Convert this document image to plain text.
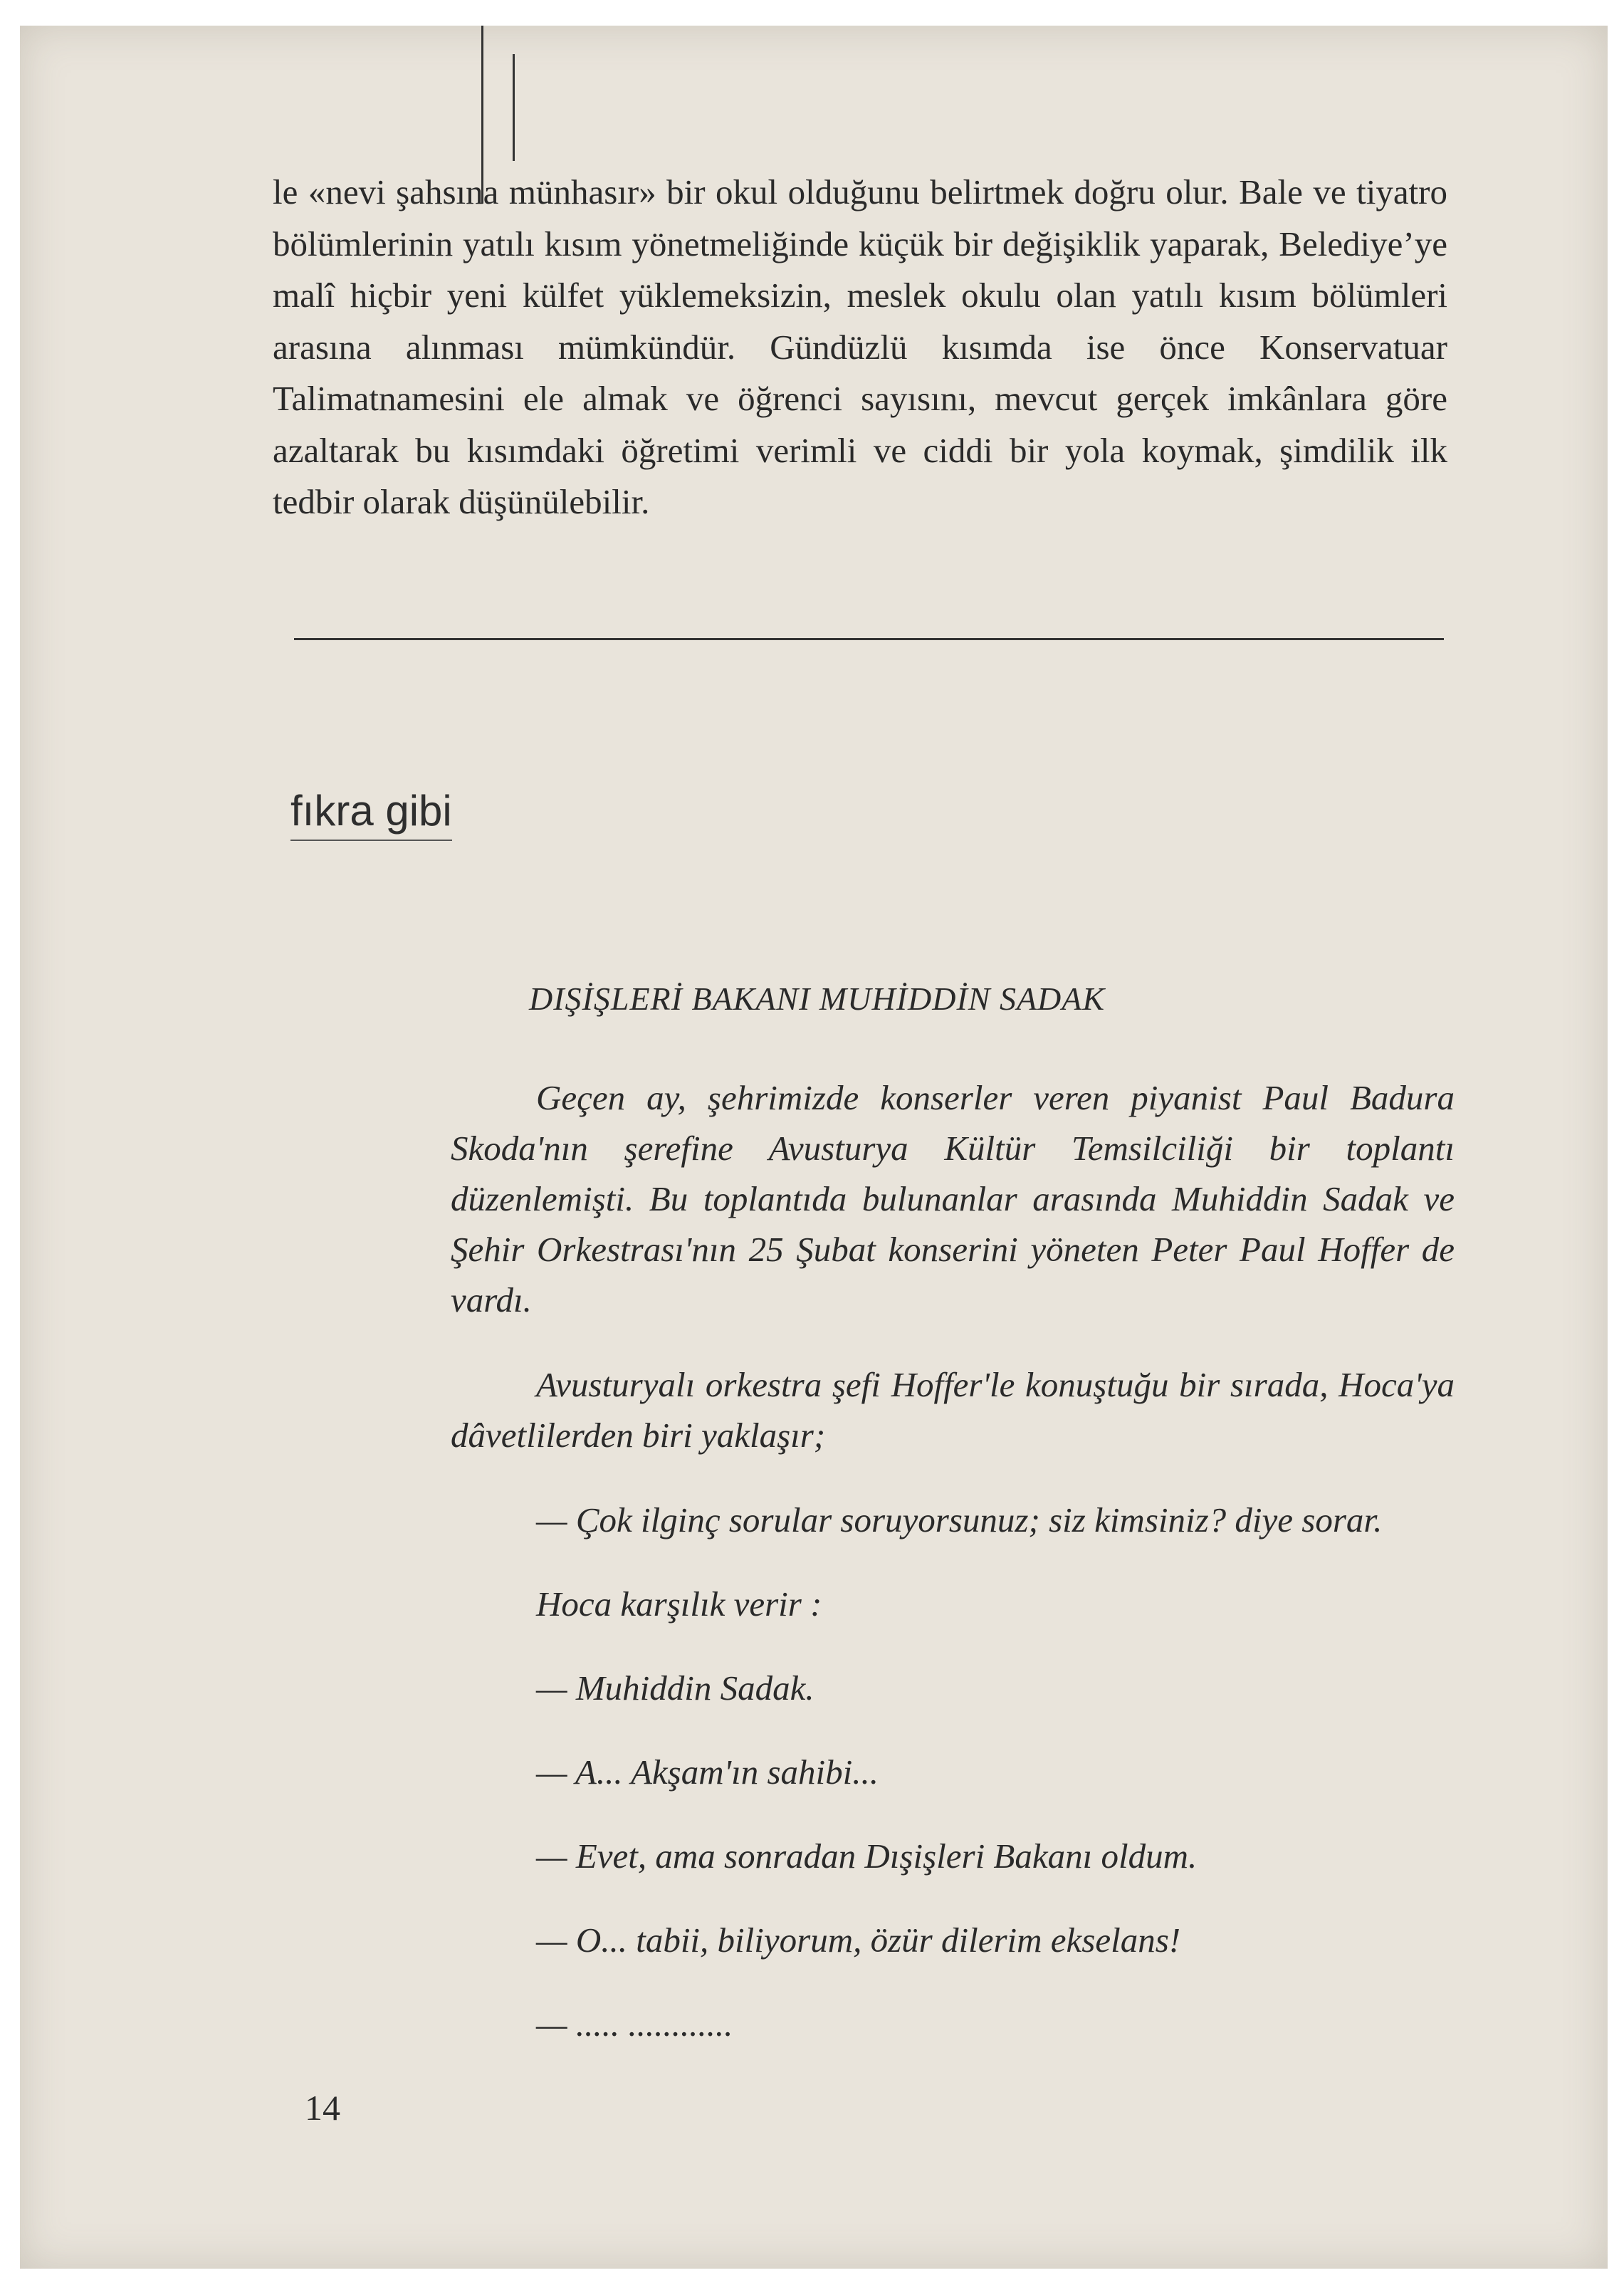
le «nevi şahsına münhasır» bir okul olduğunu belirtmek doğru olur. Bale ve tiyatro bölümlerinin yatılı kısım yönetmeliğinde küçük bir değişiklik yaparak, Belediye’ye malî hiçbir yeni külfet yüklemeksizin, meslek okulu olan yatılı kısım bölümleri arasına alınması mümkündür. Gündüzlü kısımda ise önce Konservatuar Talimatnamesini ele almak ve öğrenci sayısını, mevcut gerçek imkânlara göre azaltarak bu kısımdaki öğretimi verimli ve ciddi bir yola koymak, şimdilik ilk tedbir olarak düşünülebilir.

fıkra gibi
DIŞİŞLERİ BAKANI MUHİDDİN SADAK

Geçen ay, şehrimizde konserler veren piyanist Paul Badura Skoda'nın şerefine Avusturya Kültür Temsilciliği bir toplantı düzenlemişti. Bu toplantıda bulunanlar arasında Muhiddin Sadak ve Şehir Orkestrası'nın 25 Şubat konserini yöneten Peter Paul Hoffer de vardı.

Avusturyalı orkestra şefi Hoffer'le konuştuğu bir sırada, Hoca'ya dâvetlilerden biri yaklaşır;

— Çok ilginç sorular soruyorsunuz; siz kimsiniz? diye sorar.

Hoca karşılık verir :
— Muhiddin Sadak.
— A... Akşam'ın sahibi...
— Evet, ama sonradan Dışişleri Bakanı oldum.
— O... tabii, biliyorum, özür dilerim ekselans!
— ..... ............
14
